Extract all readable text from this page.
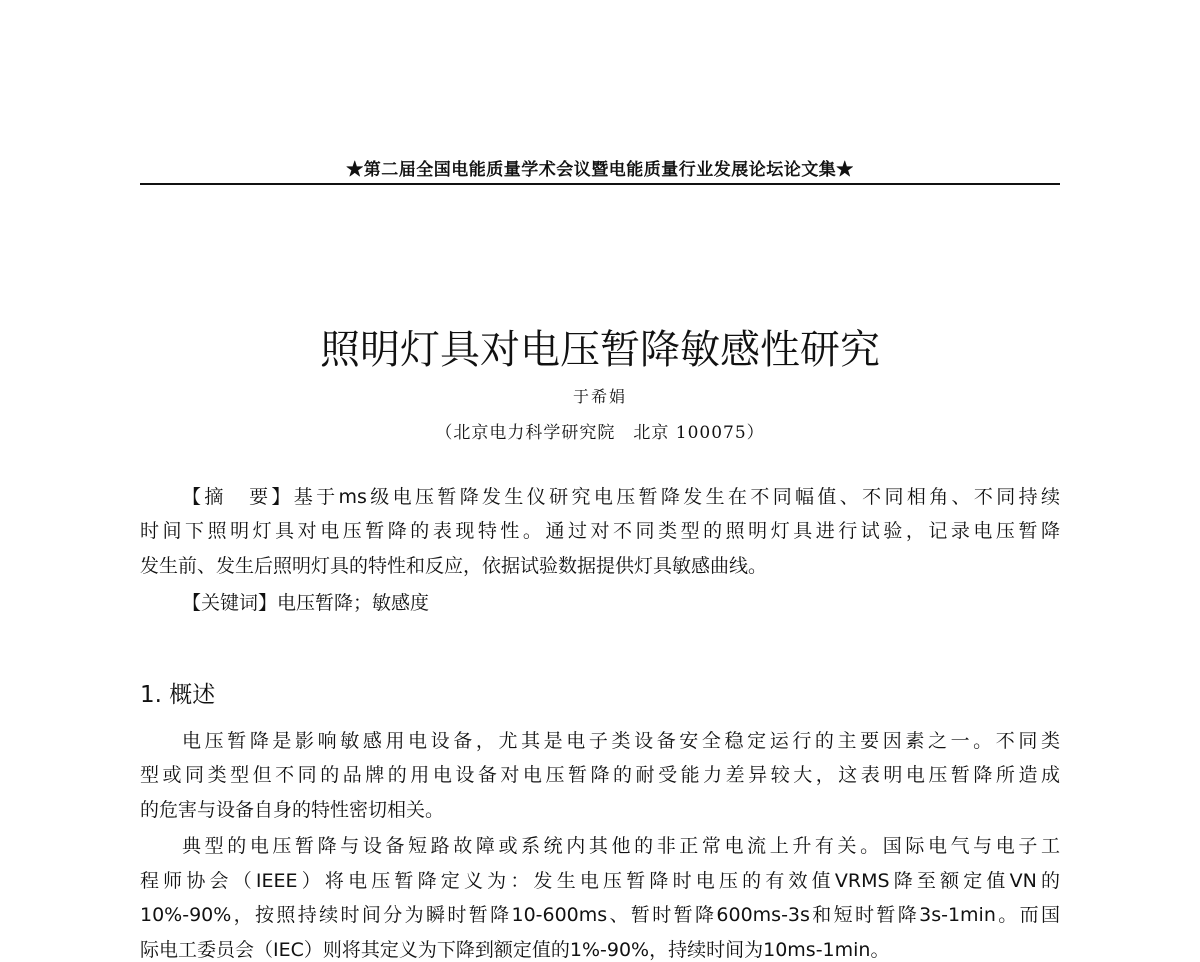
★第二届全国电能质量学术会议暨电能质量行业发展论坛论文集★
照明灯具对电压暂降敏感性研究
于希娟
（北京电力科学研究院　北京 100075）
【摘　要】基于ms级电压暂降发生仪研究电压暂降发生在不同幅值、不同相角、不同持续
时间下照明灯具对电压暂降的表现特性。通过对不同类型的照明灯具进行试验，记录电压暂降
发生前、发生后照明灯具的特性和反应，依据试验数据提供灯具敏感曲线。
【关键词】电压暂降；敏感度
1. 概述
电压暂降是影响敏感用电设备，尤其是电子类设备安全稳定运行的主要因素之一。不同类
型或同类型但不同的品牌的用电设备对电压暂降的耐受能力差异较大，这表明电压暂降所造成
的危害与设备自身的特性密切相关。
典型的电压暂降与设备短路故障或系统内其他的非正常电流上升有关。国际电气与电子工
程师协会（IEEE）将电压暂降定义为：发生电压暂降时电压的有效值VRMS降至额定值VN的
10%-90%，按照持续时间分为瞬时暂降10-600ms、暂时暂降600ms-3s和短时暂降3s-1min。而国
际电工委员会（IEC）则将其定义为下降到额定值的1%-90%，持续时间为10ms-1min。
